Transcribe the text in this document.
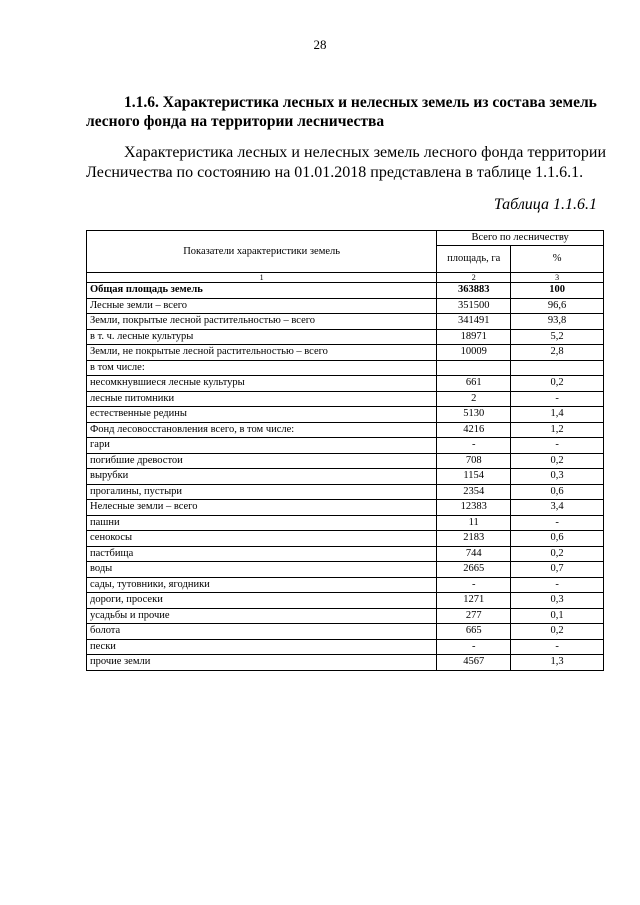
28
1.1.6. Характеристика лесных и нелесных земель из состава земель лесного фонда на территории лесничества
Характеристика лесных и нелесных земель лесного фонда территории Лесничества по состоянию на 01.01.2018 представлена в таблице 1.1.6.1.
Таблица 1.1.6.1
Показатели характеристики земель	Всего по лесничеству	
	площадь, га	%
1	2	3
Общая площадь земель	363883	100
Лесные земли – всего	351500	96,6
Земли, покрытые лесной растительностью – всего	341491	93,8
в т. ч. лесные культуры	18971	5,2
Земли, не покрытые лесной растительностью – всего	10009	2,8
в том числе:		
несомкнувшиеся лесные культуры	661	0,2
лесные питомники	2	-
естественные редины	5130	1,4
Фонд лесовосстановления всего, в том числе:	4216	1,2
гари	-	-
погибшие древостои	708	0,2
вырубки	1154	0,3
прогалины, пустыри	2354	0,6
Нелесные земли – всего	12383	3,4
пашни	11	-
сенокосы	2183	0,6
пастбища	744	0,2
воды	2665	0,7
сады, тутовники, ягодники	-	-
дороги, просеки	1271	0,3
усадьбы и прочие	277	0,1
болота	665	0,2
пески	-	-
прочие земли	4567	1,3
